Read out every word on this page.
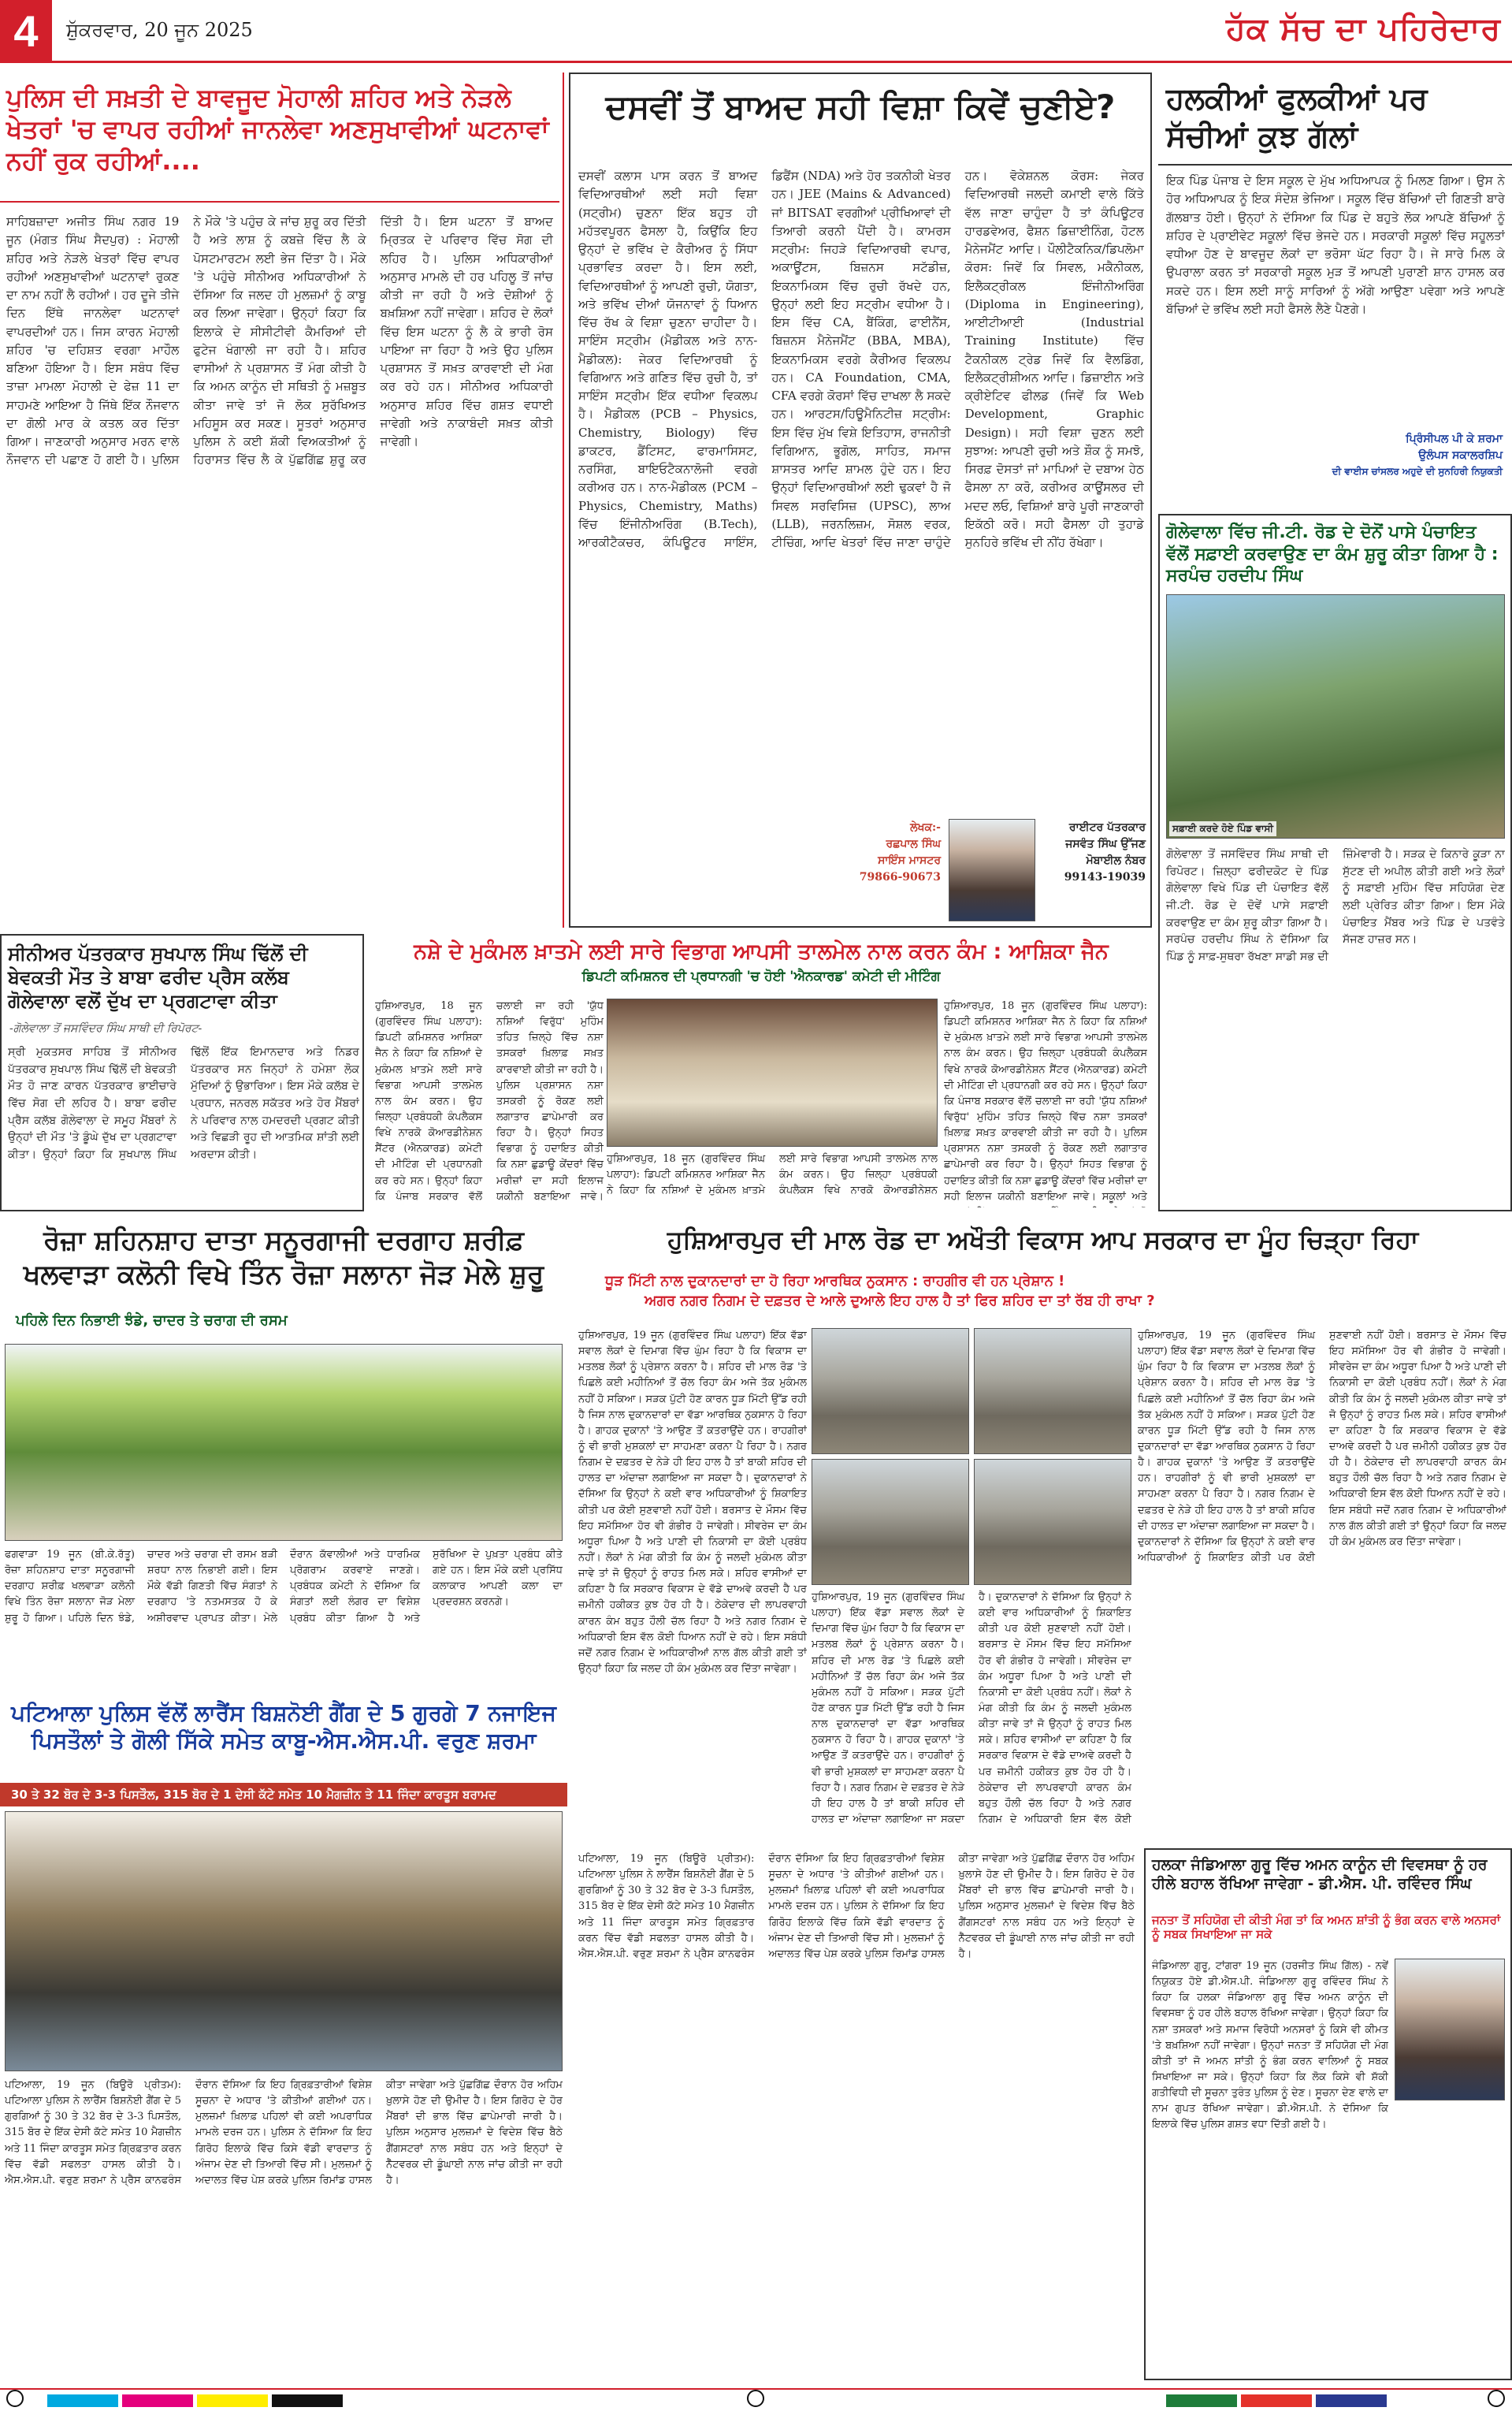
4	ਸ਼ੁੱਕਰਵਾਰ, 20 ਜੂਨ 2025	ਹੱਕ ਸੱਚ ਦਾ ਪਹਿਰੇਦਾਰ
ਪੁਲਿਸ ਦੀ ਸਖ਼ਤੀ ਦੇ ਬਾਵਜੂਦ ਮੋਹਾਲੀ ਸ਼ਹਿਰ ਅਤੇ ਨੇੜਲੇ ਖੇਤਰਾਂ 'ਚ ਵਾਪਰ ਰਹੀਆਂ ਜਾਨਲੇਵਾ ਅਣਸੁਖਾਵੀਆਂ ਘਟਨਾਵਾਂ ਨਹੀਂ ਰੁਕ ਰਹੀਆਂ....
ਸਾਹਿਬਜ਼ਾਦਾ ਅਜੀਤ ਸਿੰਘ ਨਗਰ 19 ਜੂਨ (ਮੰਗਤ ਸਿੰਘ ਸੈਦਪੁਰ) : ਮੋਹਾਲੀ ਸ਼ਹਿਰ ਅਤੇ ਨੇੜਲੇ ਖੇਤਰਾਂ ਵਿੱਚ ਵਾਪਰ ਰਹੀਆਂ ਅਣਸੁਖਾਵੀਆਂ ਘਟਨਾਵਾਂ ਰੁਕਣ ਦਾ ਨਾਮ ਨਹੀਂ ਲੈ ਰਹੀਆਂ। ਹਰ ਦੂਜੇ ਤੀਜੇ ਦਿਨ ਇੱਥੇ ਜਾਨਲੇਵਾ ਘਟਨਾਵਾਂ ਵਾਪਰਦੀਆਂ ਹਨ। ਜਿਸ ਕਾਰਨ ਮੋਹਾਲੀ ਸ਼ਹਿਰ 'ਚ ਦਹਿਸ਼ਤ ਵਰਗਾ ਮਾਹੌਲ ਬਣਿਆ ਹੋਇਆ ਹੈ। ਇਸ ਸਬੰਧ ਵਿੱਚ ਤਾਜ਼ਾ ਮਾਮਲਾ ਮੋਹਾਲੀ ਦੇ ਫੇਜ਼ 11 ਦਾ ਸਾਹਮਣੇ ਆਇਆ ਹੈ ਜਿੱਥੇ ਇੱਕ ਨੌਜਵਾਨ ਦਾ ਗੋਲੀ ਮਾਰ ਕੇ ਕਤਲ ਕਰ ਦਿੱਤਾ ਗਿਆ। ਜਾਣਕਾਰੀ ਅਨੁਸਾਰ ਮਰਨ ਵਾਲੇ ਨੌਜਵਾਨ ਦੀ ਪਛਾਣ ਹੋ ਗਈ ਹੈ। ਪੁਲਿਸ ਨੇ ਮੌਕੇ 'ਤੇ ਪਹੁੰਚ ਕੇ ਜਾਂਚ ਸ਼ੁਰੂ ਕਰ ਦਿੱਤੀ ਹੈ ਅਤੇ ਲਾਸ਼ ਨੂੰ ਕਬਜ਼ੇ ਵਿੱਚ ਲੈ ਕੇ ਪੋਸਟਮਾਰਟਮ ਲਈ ਭੇਜ ਦਿੱਤਾ ਹੈ। ਮੌਕੇ 'ਤੇ ਪਹੁੰਚੇ ਸੀਨੀਅਰ ਅਧਿਕਾਰੀਆਂ ਨੇ ਦੱਸਿਆ ਕਿ ਜਲਦ ਹੀ ਮੁਲਜ਼ਮਾਂ ਨੂੰ ਕਾਬੂ ਕਰ ਲਿਆ ਜਾਵੇਗਾ। ਉਨ੍ਹਾਂ ਕਿਹਾ ਕਿ ਇਲਾਕੇ ਦੇ ਸੀਸੀਟੀਵੀ ਕੈਮਰਿਆਂ ਦੀ ਫੁਟੇਜ ਖੰਗਾਲੀ ਜਾ ਰਹੀ ਹੈ। ਸ਼ਹਿਰ ਵਾਸੀਆਂ ਨੇ ਪ੍ਰਸ਼ਾਸਨ ਤੋਂ ਮੰਗ ਕੀਤੀ ਹੈ ਕਿ ਅਮਨ ਕਾਨੂੰਨ ਦੀ ਸਥਿਤੀ ਨੂੰ ਮਜ਼ਬੂਤ ਕੀਤਾ ਜਾਵੇ ਤਾਂ ਜੋ ਲੋਕ ਸੁਰੱਖਿਅਤ ਮਹਿਸੂਸ ਕਰ ਸਕਣ। ਸੂਤਰਾਂ ਅਨੁਸਾਰ ਪੁਲਿਸ ਨੇ ਕਈ ਸ਼ੱਕੀ ਵਿਅਕਤੀਆਂ ਨੂੰ ਹਿਰਾਸਤ ਵਿੱਚ ਲੈ ਕੇ ਪੁੱਛਗਿੱਛ ਸ਼ੁਰੂ ਕਰ ਦਿੱਤੀ ਹੈ। ਇਸ ਘਟਨਾ ਤੋਂ ਬਾਅਦ ਮ੍ਰਿਤਕ ਦੇ ਪਰਿਵਾਰ ਵਿੱਚ ਸੋਗ ਦੀ ਲਹਿਰ ਹੈ। ਪੁਲਿਸ ਅਧਿਕਾਰੀਆਂ ਅਨੁਸਾਰ ਮਾਮਲੇ ਦੀ ਹਰ ਪਹਿਲੂ ਤੋਂ ਜਾਂਚ ਕੀਤੀ ਜਾ ਰਹੀ ਹੈ ਅਤੇ ਦੋਸ਼ੀਆਂ ਨੂੰ ਬਖ਼ਸ਼ਿਆ ਨਹੀਂ ਜਾਵੇਗਾ। ਸ਼ਹਿਰ ਦੇ ਲੋਕਾਂ ਵਿੱਚ ਇਸ ਘਟਨਾ ਨੂੰ ਲੈ ਕੇ ਭਾਰੀ ਰੋਸ ਪਾਇਆ ਜਾ ਰਿਹਾ ਹੈ ਅਤੇ ਉਹ ਪੁਲਿਸ ਪ੍ਰਸ਼ਾਸਨ ਤੋਂ ਸਖ਼ਤ ਕਾਰਵਾਈ ਦੀ ਮੰਗ ਕਰ ਰਹੇ ਹਨ। ਸੀਨੀਅਰ ਅਧਿਕਾਰੀ ਅਨੁਸਾਰ ਸ਼ਹਿਰ ਵਿੱਚ ਗਸ਼ਤ ਵਧਾਈ ਜਾਵੇਗੀ ਅਤੇ ਨਾਕਾਬੰਦੀ ਸਖ਼ਤ ਕੀਤੀ ਜਾਵੇਗੀ।
ਦਸਵੀਂ ਤੋਂ ਬਾਅਦ ਸਹੀ ਵਿਸ਼ਾ ਕਿਵੇਂ ਚੁਣੀਏ?
ਦਸਵੀਂ ਕਲਾਸ ਪਾਸ ਕਰਨ ਤੋਂ ਬਾਅਦ ਵਿਦਿਆਰਥੀਆਂ ਲਈ ਸਹੀ ਵਿਸ਼ਾ (ਸਟ੍ਰੀਮ) ਚੁਣਨਾ ਇੱਕ ਬਹੁਤ ਹੀ ਮਹੱਤਵਪੂਰਨ ਫੈਸਲਾ ਹੈ, ਕਿਉਂਕਿ ਇਹ ਉਨ੍ਹਾਂ ਦੇ ਭਵਿੱਖ ਦੇ ਕੈਰੀਅਰ ਨੂੰ ਸਿੱਧਾ ਪ੍ਰਭਾਵਿਤ ਕਰਦਾ ਹੈ। ਇਸ ਲਈ, ਵਿਦਿਆਰਥੀਆਂ ਨੂੰ ਆਪਣੀ ਰੁਚੀ, ਯੋਗਤਾ, ਅਤੇ ਭਵਿੱਖ ਦੀਆਂ ਯੋਜਨਾਵਾਂ ਨੂੰ ਧਿਆਨ ਵਿੱਚ ਰੱਖ ਕੇ ਵਿਸ਼ਾ ਚੁਣਨਾ ਚਾਹੀਦਾ ਹੈ। ਸਾਇੰਸ ਸਟ੍ਰੀਮ (ਮੈਡੀਕਲ ਅਤੇ ਨਾਨ-ਮੈਡੀਕਲ): ਜੇਕਰ ਵਿਦਿਆਰਥੀ ਨੂੰ ਵਿਗਿਆਨ ਅਤੇ ਗਣਿਤ ਵਿੱਚ ਰੁਚੀ ਹੈ, ਤਾਂ ਸਾਇੰਸ ਸਟ੍ਰੀਮ ਇੱਕ ਵਧੀਆ ਵਿਕਲਪ ਹੈ। ਮੈਡੀਕਲ (PCB – Physics, Chemistry, Biology) ਵਿੱਚ ਡਾਕਟਰ, ਡੈਂਟਿਸਟ, ਫਾਰਮਾਸਿਸਟ, ਨਰਸਿੰਗ, ਬਾਇਓਟੈਕਨਾਲੋਜੀ ਵਰਗੇ ਕਰੀਅਰ ਹਨ। ਨਾਨ-ਮੈਡੀਕਲ (PCM – Physics, Chemistry, Maths) ਵਿੱਚ ਇੰਜੀਨੀਅਰਿੰਗ (B.Tech), ਆਰਕੀਟੈਕਚਰ, ਕੰਪਿਊਟਰ ਸਾਇੰਸ, ਡਿਫੈਂਸ (NDA) ਅਤੇ ਹੋਰ ਤਕਨੀਕੀ ਖੇਤਰ ਹਨ। JEE (Mains & Advanced) ਜਾਂ BITSAT ਵਰਗੀਆਂ ਪ੍ਰੀਖਿਆਵਾਂ ਦੀ ਤਿਆਰੀ ਕਰਨੀ ਪੈਂਦੀ ਹੈ। ਕਾਮਰਸ ਸਟ੍ਰੀਮ: ਜਿਹੜੇ ਵਿਦਿਆਰਥੀ ਵਪਾਰ, ਅਕਾਊਂਟਸ, ਬਿਜ਼ਨਸ ਸਟੱਡੀਜ਼, ਇਕਨਾਮਿਕਸ ਵਿੱਚ ਰੁਚੀ ਰੱਖਦੇ ਹਨ, ਉਨ੍ਹਾਂ ਲਈ ਇਹ ਸਟ੍ਰੀਮ ਵਧੀਆ ਹੈ। ਇਸ ਵਿੱਚ CA, ਬੈਂਕਿੰਗ, ਫਾਈਨੈਂਸ, ਬਿਜ਼ਨਸ ਮੈਨੇਜਮੈਂਟ (BBA, MBA), ਇਕਨਾਮਿਕਸ ਵਰਗੇ ਕੈਰੀਅਰ ਵਿਕਲਪ ਹਨ। CA Foundation, CMA, CFA ਵਰਗੇ ਕੋਰਸਾਂ ਵਿੱਚ ਦਾਖਲਾ ਲੈ ਸਕਦੇ ਹਨ। ਆਰਟਸ/ਹਿਊਮੈਨਿਟੀਜ਼ ਸਟ੍ਰੀਮ: ਇਸ ਵਿੱਚ ਮੁੱਖ ਵਿਸ਼ੇ ਇਤਿਹਾਸ, ਰਾਜਨੀਤੀ ਵਿਗਿਆਨ, ਭੂਗੋਲ, ਸਾਹਿਤ, ਸਮਾਜ ਸ਼ਾਸਤਰ ਆਦਿ ਸ਼ਾਮਲ ਹੁੰਦੇ ਹਨ। ਇਹ ਉਨ੍ਹਾਂ ਵਿਦਿਆਰਥੀਆਂ ਲਈ ਢੁਕਵਾਂ ਹੈ ਜੋ ਸਿਵਲ ਸਰਵਿਸਿਜ਼ (UPSC), ਲਾਅ (LLB), ਜਰਨਲਿਜ਼ਮ, ਸੋਸ਼ਲ ਵਰਕ, ਟੀਚਿੰਗ, ਆਦਿ ਖੇਤਰਾਂ ਵਿੱਚ ਜਾਣਾ ਚਾਹੁੰਦੇ ਹਨ। ਵੋਕੇਸ਼ਨਲ ਕੋਰਸ: ਜੇਕਰ ਵਿਦਿਆਰਥੀ ਜਲਦੀ ਕਮਾਈ ਵਾਲੇ ਕਿੱਤੇ ਵੱਲ ਜਾਣਾ ਚਾਹੁੰਦਾ ਹੈ ਤਾਂ ਕੰਪਿਊਟਰ ਹਾਰਡਵੇਅਰ, ਫੈਸ਼ਨ ਡਿਜ਼ਾਈਨਿੰਗ, ਹੋਟਲ ਮੈਨੇਜਮੈਂਟ ਆਦਿ। ਪੌਲੀਟੈਕਨਿਕ/ਡਿਪਲੋਮਾ ਕੋਰਸ: ਜਿਵੇਂ ਕਿ ਸਿਵਲ, ਮਕੈਨੀਕਲ, ਇਲੈਕਟ੍ਰੀਕਲ ਇੰਜੀਨੀਅਰਿੰਗ (Diploma in Engineering), ਆਈਟੀਆਈ (Industrial Training Institute) ਵਿੱਚ ਟੈਕਨੀਕਲ ਟ੍ਰੇਡ ਜਿਵੇਂ ਕਿ ਵੈਲਡਿੰਗ, ਇਲੈਕਟ੍ਰੀਸ਼ੀਅਨ ਆਦਿ। ਡਿਜ਼ਾਈਨ ਅਤੇ ਕ੍ਰੀਏਟਿਵ ਫੀਲਡ (ਜਿਵੇਂ ਕਿ Web Development, Graphic Design)। ਸਹੀ ਵਿਸ਼ਾ ਚੁਣਨ ਲਈ ਸੁਝਾਅ: ਆਪਣੀ ਰੁਚੀ ਅਤੇ ਸ਼ੌਕ ਨੂੰ ਸਮਝੋ, ਸਿਰਫ਼ ਦੋਸਤਾਂ ਜਾਂ ਮਾਪਿਆਂ ਦੇ ਦਬਾਅ ਹੇਠ ਫੈਸਲਾ ਨਾ ਕਰੋ, ਕਰੀਅਰ ਕਾਊਂਸਲਰ ਦੀ ਮਦਦ ਲਓ, ਵਿਸ਼ਿਆਂ ਬਾਰੇ ਪੂਰੀ ਜਾਣਕਾਰੀ ਇਕੱਠੀ ਕਰੋ। ਸਹੀ ਫੈਸਲਾ ਹੀ ਤੁਹਾਡੇ ਸੁਨਹਿਰੇ ਭਵਿੱਖ ਦੀ ਨੀਂਹ ਰੱਖੇਗਾ।
ਲੇਖਕ:-
ਰਛਪਾਲ ਸਿੰਘ
ਸਾਇੰਸ ਮਾਸਟਰ
79866-90673
ਰਾਈਟਰ ਪੱਤਰਕਾਰ
ਜਸਵੰਤ ਸਿੰਘ ਉੱਜਣ
ਮੋਬਾਈਲ ਨੰਬਰ 99143-19039
ਹਲਕੀਆਂ ਫੁਲਕੀਆਂ ਪਰ ਸੱਚੀਆਂ ਕੁਝ ਗੱਲਾਂ
ਇਕ ਪਿੰਡ ਪੰਜਾਬ ਦੇ ਇਸ ਸਕੂਲ ਦੇ ਮੁੱਖ ਅਧਿਆਪਕ ਨੂੰ ਮਿਲਣ ਗਿਆ। ਉਸ ਨੇ ਹੋਰ ਅਧਿਆਪਕ ਨੂੰ ਇਕ ਸੰਦੇਸ਼ ਭੇਜਿਆ। ਸਕੂਲ ਵਿੱਚ ਬੱਚਿਆਂ ਦੀ ਗਿਣਤੀ ਬਾਰੇ ਗੱਲਬਾਤ ਹੋਈ। ਉਨ੍ਹਾਂ ਨੇ ਦੱਸਿਆ ਕਿ ਪਿੰਡ ਦੇ ਬਹੁਤੇ ਲੋਕ ਆਪਣੇ ਬੱਚਿਆਂ ਨੂੰ ਸ਼ਹਿਰ ਦੇ ਪ੍ਰਾਈਵੇਟ ਸਕੂਲਾਂ ਵਿੱਚ ਭੇਜਦੇ ਹਨ। ਸਰਕਾਰੀ ਸਕੂਲਾਂ ਵਿੱਚ ਸਹੂਲਤਾਂ ਵਧੀਆ ਹੋਣ ਦੇ ਬਾਵਜੂਦ ਲੋਕਾਂ ਦਾ ਭਰੋਸਾ ਘੱਟ ਰਿਹਾ ਹੈ। ਜੇ ਸਾਰੇ ਮਿਲ ਕੇ ਉਪਰਾਲਾ ਕਰਨ ਤਾਂ ਸਰਕਾਰੀ ਸਕੂਲ ਮੁੜ ਤੋਂ ਆਪਣੀ ਪੁਰਾਣੀ ਸ਼ਾਨ ਹਾਸਲ ਕਰ ਸਕਦੇ ਹਨ। ਇਸ ਲਈ ਸਾਨੂੰ ਸਾਰਿਆਂ ਨੂੰ ਅੱਗੇ ਆਉਣਾ ਪਵੇਗਾ ਅਤੇ ਆਪਣੇ ਬੱਚਿਆਂ ਦੇ ਭਵਿੱਖ ਲਈ ਸਹੀ ਫੈਸਲੇ ਲੈਣੇ ਪੈਣਗੇ।
ਪ੍ਰਿੰਸੀਪਲ ਪੀ ਕੇ ਸ਼ਰਮਾ
ਉਲੰਪਸ ਸਕਾਲਰਸ਼ਿਪ
ਦੀ ਵਾਈਸ ਚਾਂਸਲਰ ਅਹੁਦੇ ਦੀ ਸੁਨਹਿਰੀ ਨਿਯੁਕਤੀ
ਗੋਲੇਵਾਲਾ ਵਿੱਚ ਜੀ.ਟੀ. ਰੋਡ ਦੇ ਦੋਨੋਂ ਪਾਸੇ ਪੰਚਾਇਤ ਵੱਲੋਂ ਸਫ਼ਾਈ ਕਰਵਾਉਣ ਦਾ ਕੰਮ ਸ਼ੁਰੂ ਕੀਤਾ ਗਿਆ ਹੈ : ਸਰਪੰਚ ਹਰਦੀਪ ਸਿੰਘ
ਸਫ਼ਾਈ ਕਰਦੇ ਹੋਏ ਪਿੰਡ ਵਾਸੀ
ਗੋਲੇਵਾਲਾ ਤੋਂ ਜਸਵਿੰਦਰ ਸਿੰਘ ਸਾਥੀ ਦੀ ਰਿਪੋਰਟ। ਜ਼ਿਲ੍ਹਾ ਫਰੀਦਕੋਟ ਦੇ ਪਿੰਡ ਗੋਲੇਵਾਲਾ ਵਿਖੇ ਪਿੰਡ ਦੀ ਪੰਚਾਇਤ ਵੱਲੋਂ ਜੀ.ਟੀ. ਰੋਡ ਦੇ ਦੋਵੇਂ ਪਾਸੇ ਸਫ਼ਾਈ ਕਰਵਾਉਣ ਦਾ ਕੰਮ ਸ਼ੁਰੂ ਕੀਤਾ ਗਿਆ ਹੈ। ਸਰਪੰਚ ਹਰਦੀਪ ਸਿੰਘ ਨੇ ਦੱਸਿਆ ਕਿ ਪਿੰਡ ਨੂੰ ਸਾਫ਼-ਸੁਥਰਾ ਰੱਖਣਾ ਸਾਡੀ ਸਭ ਦੀ ਜ਼ਿੰਮੇਵਾਰੀ ਹੈ। ਸੜਕ ਦੇ ਕਿਨਾਰੇ ਕੂੜਾ ਨਾ ਸੁੱਟਣ ਦੀ ਅਪੀਲ ਕੀਤੀ ਗਈ ਅਤੇ ਲੋਕਾਂ ਨੂੰ ਸਫ਼ਾਈ ਮੁਹਿੰਮ ਵਿੱਚ ਸਹਿਯੋਗ ਦੇਣ ਲਈ ਪ੍ਰੇਰਿਤ ਕੀਤਾ ਗਿਆ। ਇਸ ਮੌਕੇ ਪੰਚਾਇਤ ਮੈਂਬਰ ਅਤੇ ਪਿੰਡ ਦੇ ਪਤਵੰਤੇ ਸੱਜਣ ਹਾਜ਼ਰ ਸਨ।
ਸੀਨੀਅਰ ਪੱਤਰਕਾਰ ਸੁਖਪਾਲ ਸਿੰਘ ਢਿੱਲੋਂ ਦੀ ਬੇਵਕਤੀ ਮੌਤ ਤੇ ਬਾਬਾ ਫਰੀਦ ਪ੍ਰੈਸ ਕਲੱਬ ਗੋਲੇਵਾਲਾ ਵਲੋਂ ਦੁੱਖ ਦਾ ਪ੍ਰਗਟਾਵਾ ਕੀਤਾ
-ਗੋਲੇਵਾਲਾ ਤੋਂ ਜਸਵਿੰਦਰ ਸਿੰਘ ਸਾਥੀ ਦੀ ਰਿਪੋਰਟ-
ਸ੍ਰੀ ਮੁਕਤਸਰ ਸਾਹਿਬ ਤੋਂ ਸੀਨੀਅਰ ਪੱਤਰਕਾਰ ਸੁਖਪਾਲ ਸਿੰਘ ਢਿੱਲੋਂ ਦੀ ਬੇਵਕਤੀ ਮੌਤ ਹੋ ਜਾਣ ਕਾਰਨ ਪੱਤਰਕਾਰ ਭਾਈਚਾਰੇ ਵਿੱਚ ਸੋਗ ਦੀ ਲਹਿਰ ਹੈ। ਬਾਬਾ ਫਰੀਦ ਪ੍ਰੈਸ ਕਲੱਬ ਗੋਲੇਵਾਲਾ ਦੇ ਸਮੂਹ ਮੈਂਬਰਾਂ ਨੇ ਉਨ੍ਹਾਂ ਦੀ ਮੌਤ 'ਤੇ ਡੂੰਘੇ ਦੁੱਖ ਦਾ ਪ੍ਰਗਟਾਵਾ ਕੀਤਾ। ਉਨ੍ਹਾਂ ਕਿਹਾ ਕਿ ਸੁਖਪਾਲ ਸਿੰਘ ਢਿੱਲੋਂ ਇੱਕ ਇਮਾਨਦਾਰ ਅਤੇ ਨਿਡਰ ਪੱਤਰਕਾਰ ਸਨ ਜਿਨ੍ਹਾਂ ਨੇ ਹਮੇਸ਼ਾ ਲੋਕ ਮੁੱਦਿਆਂ ਨੂੰ ਉਭਾਰਿਆ। ਇਸ ਮੌਕੇ ਕਲੱਬ ਦੇ ਪ੍ਰਧਾਨ, ਜਨਰਲ ਸਕੱਤਰ ਅਤੇ ਹੋਰ ਮੈਂਬਰਾਂ ਨੇ ਪਰਿਵਾਰ ਨਾਲ ਹਮਦਰਦੀ ਪ੍ਰਗਟ ਕੀਤੀ ਅਤੇ ਵਿਛੜੀ ਰੂਹ ਦੀ ਆਤਮਿਕ ਸ਼ਾਂਤੀ ਲਈ ਅਰਦਾਸ ਕੀਤੀ।
ਨਸ਼ੇ ਦੇ ਮੁਕੰਮਲ ਖ਼ਾਤਮੇ ਲਈ ਸਾਰੇ ਵਿਭਾਗ ਆਪਸੀ ਤਾਲਮੇਲ ਨਾਲ ਕਰਨ ਕੰਮ : ਆਸ਼ਿਕਾ ਜੈਨ
ਡਿਪਟੀ ਕਮਿਸ਼ਨਰ ਦੀ ਪ੍ਰਧਾਨਗੀ 'ਚ ਹੋਈ 'ਐਨਕਾਰਡ' ਕਮੇਟੀ ਦੀ ਮੀਟਿੰਗ
ਹੁਸ਼ਿਆਰਪੁਰ, 18 ਜੂਨ (ਗੁਰਵਿੰਦਰ ਸਿੰਘ ਪਲਾਹਾ): ਡਿਪਟੀ ਕਮਿਸ਼ਨਰ ਆਸ਼ਿਕਾ ਜੈਨ ਨੇ ਕਿਹਾ ਕਿ ਨਸ਼ਿਆਂ ਦੇ ਮੁਕੰਮਲ ਖ਼ਾਤਮੇ ਲਈ ਸਾਰੇ ਵਿਭਾਗ ਆਪਸੀ ਤਾਲਮੇਲ ਨਾਲ ਕੰਮ ਕਰਨ। ਉਹ ਜ਼ਿਲ੍ਹਾ ਪ੍ਰਬੰਧਕੀ ਕੰਪਲੈਕਸ ਵਿਖੇ ਨਾਰਕੋ ਕੋਆਰਡੀਨੇਸ਼ਨ ਸੈਂਟਰ (ਐਨਕਾਰਡ) ਕਮੇਟੀ ਦੀ ਮੀਟਿੰਗ ਦੀ ਪ੍ਰਧਾਨਗੀ ਕਰ ਰਹੇ ਸਨ। ਉਨ੍ਹਾਂ ਕਿਹਾ ਕਿ ਪੰਜਾਬ ਸਰਕਾਰ ਵੱਲੋਂ ਚਲਾਈ ਜਾ ਰਹੀ 'ਯੁੱਧ ਨਸ਼ਿਆਂ ਵਿਰੁੱਧ' ਮੁਹਿੰਮ ਤਹਿਤ ਜ਼ਿਲ੍ਹੇ ਵਿੱਚ ਨਸ਼ਾ ਤਸਕਰਾਂ ਖ਼ਿਲਾਫ਼ ਸਖ਼ਤ ਕਾਰਵਾਈ ਕੀਤੀ ਜਾ ਰਹੀ ਹੈ। ਪੁਲਿਸ ਪ੍ਰਸ਼ਾਸਨ ਨਸ਼ਾ ਤਸਕਰੀ ਨੂੰ ਰੋਕਣ ਲਈ ਲਗਾਤਾਰ ਛਾਪੇਮਾਰੀ ਕਰ ਰਿਹਾ ਹੈ। ਉਨ੍ਹਾਂ ਸਿਹਤ ਵਿਭਾਗ ਨੂੰ ਹਦਾਇਤ ਕੀਤੀ ਕਿ ਨਸ਼ਾ ਛੁਡਾਊ ਕੇਂਦਰਾਂ ਵਿੱਚ ਮਰੀਜ਼ਾਂ ਦਾ ਸਹੀ ਇਲਾਜ ਯਕੀਨੀ ਬਣਾਇਆ ਜਾਵੇ।
ਹੁਸ਼ਿਆਰਪੁਰ, 18 ਜੂਨ (ਗੁਰਵਿੰਦਰ ਸਿੰਘ ਪਲਾਹਾ): ਡਿਪਟੀ ਕਮਿਸ਼ਨਰ ਆਸ਼ਿਕਾ ਜੈਨ ਨੇ ਕਿਹਾ ਕਿ ਨਸ਼ਿਆਂ ਦੇ ਮੁਕੰਮਲ ਖ਼ਾਤਮੇ ਲਈ ਸਾਰੇ ਵਿਭਾਗ ਆਪਸੀ ਤਾਲਮੇਲ ਨਾਲ ਕੰਮ ਕਰਨ। ਉਹ ਜ਼ਿਲ੍ਹਾ ਪ੍ਰਬੰਧਕੀ ਕੰਪਲੈਕਸ ਵਿਖੇ ਨਾਰਕੋ ਕੋਆਰਡੀਨੇਸ਼ਨ
ਹੁਸ਼ਿਆਰਪੁਰ, 18 ਜੂਨ (ਗੁਰਵਿੰਦਰ ਸਿੰਘ ਪਲਾਹਾ): ਡਿਪਟੀ ਕਮਿਸ਼ਨਰ ਆਸ਼ਿਕਾ ਜੈਨ ਨੇ ਕਿਹਾ ਕਿ ਨਸ਼ਿਆਂ ਦੇ ਮੁਕੰਮਲ ਖ਼ਾਤਮੇ ਲਈ ਸਾਰੇ ਵਿਭਾਗ ਆਪਸੀ ਤਾਲਮੇਲ ਨਾਲ ਕੰਮ ਕਰਨ। ਉਹ ਜ਼ਿਲ੍ਹਾ ਪ੍ਰਬੰਧਕੀ ਕੰਪਲੈਕਸ ਵਿਖੇ ਨਾਰਕੋ ਕੋਆਰਡੀਨੇਸ਼ਨ ਸੈਂਟਰ (ਐਨਕਾਰਡ) ਕਮੇਟੀ ਦੀ ਮੀਟਿੰਗ ਦੀ ਪ੍ਰਧਾਨਗੀ ਕਰ ਰਹੇ ਸਨ। ਉਨ੍ਹਾਂ ਕਿਹਾ ਕਿ ਪੰਜਾਬ ਸਰਕਾਰ ਵੱਲੋਂ ਚਲਾਈ ਜਾ ਰਹੀ 'ਯੁੱਧ ਨਸ਼ਿਆਂ ਵਿਰੁੱਧ' ਮੁਹਿੰਮ ਤਹਿਤ ਜ਼ਿਲ੍ਹੇ ਵਿੱਚ ਨਸ਼ਾ ਤਸਕਰਾਂ ਖ਼ਿਲਾਫ਼ ਸਖ਼ਤ ਕਾਰਵਾਈ ਕੀਤੀ ਜਾ ਰਹੀ ਹੈ। ਪੁਲਿਸ ਪ੍ਰਸ਼ਾਸਨ ਨਸ਼ਾ ਤਸਕਰੀ ਨੂੰ ਰੋਕਣ ਲਈ ਲਗਾਤਾਰ ਛਾਪੇਮਾਰੀ ਕਰ ਰਿਹਾ ਹੈ। ਉਨ੍ਹਾਂ ਸਿਹਤ ਵਿਭਾਗ ਨੂੰ ਹਦਾਇਤ ਕੀਤੀ ਕਿ ਨਸ਼ਾ ਛੁਡਾਊ ਕੇਂਦਰਾਂ ਵਿੱਚ ਮਰੀਜ਼ਾਂ ਦਾ ਸਹੀ ਇਲਾਜ ਯਕੀਨੀ ਬਣਾਇਆ ਜਾਵੇ। ਸਕੂਲਾਂ ਅਤੇ
ਰੋਜ਼ਾ ਸ਼ਹਿਨਸ਼ਾਹ ਦਾਤਾ ਸਨੂਰਗਾਜੀ ਦਰਗਾਹ ਸ਼ਰੀਫ਼ ਖਲਵਾੜਾ ਕਲੋਨੀ ਵਿਖੇ ਤਿੰਨ ਰੋਜ਼ਾ ਸਲਾਨਾ ਜੋੜ ਮੇਲੇ ਸ਼ੁਰੂ
ਪਹਿਲੇ ਦਿਨ ਨਿਭਾਈ ਝੰਡੇ, ਚਾਦਰ ਤੇ ਚਰਾਗ ਦੀ ਰਸਮ
ਫਗਵਾੜਾ 19 ਜੂਨ (ਬੀ.ਕੇ.ਰੱਤੂ) ਰੋਜ਼ਾ ਸ਼ਹਿਨਸ਼ਾਹ ਦਾਤਾ ਸਨੂਰਗਾਜੀ ਦਰਗਾਹ ਸ਼ਰੀਫ਼ ਖਲਵਾੜਾ ਕਲੋਨੀ ਵਿਖੇ ਤਿੰਨ ਰੋਜ਼ਾ ਸਲਾਨਾ ਜੋੜ ਮੇਲਾ ਸ਼ੁਰੂ ਹੋ ਗਿਆ। ਪਹਿਲੇ ਦਿਨ ਝੰਡੇ, ਚਾਦਰ ਅਤੇ ਚਰਾਗ ਦੀ ਰਸਮ ਬੜੀ ਸ਼ਰਧਾ ਨਾਲ ਨਿਭਾਈ ਗਈ। ਇਸ ਮੌਕੇ ਵੱਡੀ ਗਿਣਤੀ ਵਿੱਚ ਸੰਗਤਾਂ ਨੇ ਦਰਗਾਹ 'ਤੇ ਨਤਮਸਤਕ ਹੋ ਕੇ ਅਸ਼ੀਰਵਾਦ ਪ੍ਰਾਪਤ ਕੀਤਾ। ਮੇਲੇ ਦੌਰਾਨ ਕੱਵਾਲੀਆਂ ਅਤੇ ਧਾਰਮਿਕ ਪ੍ਰੋਗਰਾਮ ਕਰਵਾਏ ਜਾਣਗੇ। ਪ੍ਰਬੰਧਕ ਕਮੇਟੀ ਨੇ ਦੱਸਿਆ ਕਿ ਸੰਗਤਾਂ ਲਈ ਲੰਗਰ ਦਾ ਵਿਸ਼ੇਸ਼ ਪ੍ਰਬੰਧ ਕੀਤਾ ਗਿਆ ਹੈ ਅਤੇ ਸੁਰੱਖਿਆ ਦੇ ਪੁਖ਼ਤਾ ਪ੍ਰਬੰਧ ਕੀਤੇ ਗਏ ਹਨ। ਇਸ ਮੌਕੇ ਕਈ ਪ੍ਰਸਿੱਧ ਕਲਾਕਾਰ ਆਪਣੀ ਕਲਾ ਦਾ ਪ੍ਰਦਰਸ਼ਨ ਕਰਨਗੇ।
ਹੁਸ਼ਿਆਰਪੁਰ ਦੀ ਮਾਲ ਰੋਡ ਦਾ ਅਖੌਤੀ ਵਿਕਾਸ ਆਪ ਸਰਕਾਰ ਦਾ ਮੂੰਹ ਚਿੜ੍ਹਾ ਰਿਹਾ
ਧੂੜ ਮਿੱਟੀ ਨਾਲ ਦੁਕਾਨਦਾਰਾਂ ਦਾ ਹੋ ਰਿਹਾ ਆਰਥਿਕ ਨੁਕਸਾਨ : ਰਾਹਗੀਰ ਵੀ ਹਨ ਪ੍ਰੇਸ਼ਾਨ !
ਅਗਰ ਨਗਰ ਨਿਗਮ ਦੇ ਦਫ਼ਤਰ ਦੇ ਆਲੇ ਦੁਆਲੇ ਇਹ ਹਾਲ ਹੈ ਤਾਂ ਫਿਰ ਸ਼ਹਿਰ ਦਾ ਤਾਂ ਰੱਬ ਹੀ ਰਾਖਾ ?
ਹੁਸ਼ਿਆਰਪੁਰ, 19 ਜੂਨ (ਗੁਰਵਿੰਦਰ ਸਿੰਘ ਪਲਾਹਾ) ਇੱਕ ਵੱਡਾ ਸਵਾਲ ਲੋਕਾਂ ਦੇ ਦਿਮਾਗ ਵਿੱਚ ਘੁੰਮ ਰਿਹਾ ਹੈ ਕਿ ਵਿਕਾਸ ਦਾ ਮਤਲਬ ਲੋਕਾਂ ਨੂੰ ਪ੍ਰੇਸ਼ਾਨ ਕਰਨਾ ਹੈ। ਸ਼ਹਿਰ ਦੀ ਮਾਲ ਰੋਡ 'ਤੇ ਪਿਛਲੇ ਕਈ ਮਹੀਨਿਆਂ ਤੋਂ ਚੱਲ ਰਿਹਾ ਕੰਮ ਅਜੇ ਤੱਕ ਮੁਕੰਮਲ ਨਹੀਂ ਹੋ ਸਕਿਆ। ਸੜਕ ਪੁੱਟੀ ਹੋਣ ਕਾਰਨ ਧੂੜ ਮਿੱਟੀ ਉੱਡ ਰਹੀ ਹੈ ਜਿਸ ਨਾਲ ਦੁਕਾਨਦਾਰਾਂ ਦਾ ਵੱਡਾ ਆਰਥਿਕ ਨੁਕਸਾਨ ਹੋ ਰਿਹਾ ਹੈ। ਗਾਹਕ ਦੁਕਾਨਾਂ 'ਤੇ ਆਉਣ ਤੋਂ ਕਤਰਾਉਂਦੇ ਹਨ। ਰਾਹਗੀਰਾਂ ਨੂੰ ਵੀ ਭਾਰੀ ਮੁਸ਼ਕਲਾਂ ਦਾ ਸਾਹਮਣਾ ਕਰਨਾ ਪੈ ਰਿਹਾ ਹੈ। ਨਗਰ ਨਿਗਮ ਦੇ ਦਫ਼ਤਰ ਦੇ ਨੇੜੇ ਹੀ ਇਹ ਹਾਲ ਹੈ ਤਾਂ ਬਾਕੀ ਸ਼ਹਿਰ ਦੀ ਹਾਲਤ ਦਾ ਅੰਦਾਜ਼ਾ ਲਗਾਇਆ ਜਾ ਸਕਦਾ ਹੈ। ਦੁਕਾਨਦਾਰਾਂ ਨੇ ਦੱਸਿਆ ਕਿ ਉਨ੍ਹਾਂ ਨੇ ਕਈ ਵਾਰ ਅਧਿਕਾਰੀਆਂ ਨੂੰ ਸ਼ਿਕਾਇਤ ਕੀਤੀ ਪਰ ਕੋਈ ਸੁਣਵਾਈ ਨਹੀਂ ਹੋਈ। ਬਰਸਾਤ ਦੇ ਮੌਸਮ ਵਿੱਚ ਇਹ ਸਮੱਸਿਆ ਹੋਰ ਵੀ ਗੰਭੀਰ ਹੋ ਜਾਵੇਗੀ। ਸੀਵਰੇਜ ਦਾ ਕੰਮ ਅਧੂਰਾ ਪਿਆ ਹੈ ਅਤੇ ਪਾਣੀ ਦੀ ਨਿਕਾਸੀ ਦਾ ਕੋਈ ਪ੍ਰਬੰਧ ਨਹੀਂ। ਲੋਕਾਂ ਨੇ ਮੰਗ ਕੀਤੀ ਕਿ ਕੰਮ ਨੂੰ ਜਲਦੀ ਮੁਕੰਮਲ ਕੀਤਾ ਜਾਵੇ ਤਾਂ ਜੋ ਉਨ੍ਹਾਂ ਨੂੰ ਰਾਹਤ ਮਿਲ ਸਕੇ। ਸ਼ਹਿਰ ਵਾਸੀਆਂ ਦਾ ਕਹਿਣਾ ਹੈ ਕਿ ਸਰਕਾਰ ਵਿਕਾਸ ਦੇ ਵੱਡੇ ਦਾਅਵੇ ਕਰਦੀ ਹੈ ਪਰ ਜ਼ਮੀਨੀ ਹਕੀਕਤ ਕੁਝ ਹੋਰ ਹੀ ਹੈ। ਠੇਕੇਦਾਰ ਦੀ ਲਾਪਰਵਾਹੀ ਕਾਰਨ ਕੰਮ ਬਹੁਤ ਹੌਲੀ ਚੱਲ ਰਿਹਾ ਹੈ ਅਤੇ ਨਗਰ ਨਿਗਮ ਦੇ ਅਧਿਕਾਰੀ ਇਸ ਵੱਲ ਕੋਈ ਧਿਆਨ ਨਹੀਂ ਦੇ ਰਹੇ। ਇਸ ਸਬੰਧੀ ਜਦੋਂ ਨਗਰ ਨਿਗਮ ਦੇ ਅਧਿਕਾਰੀਆਂ ਨਾਲ ਗੱਲ ਕੀਤੀ ਗਈ ਤਾਂ ਉਨ੍ਹਾਂ ਕਿਹਾ ਕਿ ਜਲਦ ਹੀ ਕੰਮ ਮੁਕੰਮਲ ਕਰ ਦਿੱਤਾ ਜਾਵੇਗਾ।
ਹੁਸ਼ਿਆਰਪੁਰ, 19 ਜੂਨ (ਗੁਰਵਿੰਦਰ ਸਿੰਘ ਪਲਾਹਾ) ਇੱਕ ਵੱਡਾ ਸਵਾਲ ਲੋਕਾਂ ਦੇ ਦਿਮਾਗ ਵਿੱਚ ਘੁੰਮ ਰਿਹਾ ਹੈ ਕਿ ਵਿਕਾਸ ਦਾ ਮਤਲਬ ਲੋਕਾਂ ਨੂੰ ਪ੍ਰੇਸ਼ਾਨ ਕਰਨਾ ਹੈ। ਸ਼ਹਿਰ ਦੀ ਮਾਲ ਰੋਡ 'ਤੇ ਪਿਛਲੇ ਕਈ ਮਹੀਨਿਆਂ ਤੋਂ ਚੱਲ ਰਿਹਾ ਕੰਮ ਅਜੇ ਤੱਕ ਮੁਕੰਮਲ ਨਹੀਂ ਹੋ ਸਕਿਆ। ਸੜਕ ਪੁੱਟੀ ਹੋਣ ਕਾਰਨ ਧੂੜ ਮਿੱਟੀ ਉੱਡ ਰਹੀ ਹੈ ਜਿਸ ਨਾਲ ਦੁਕਾਨਦਾਰਾਂ ਦਾ ਵੱਡਾ ਆਰਥਿਕ ਨੁਕਸਾਨ ਹੋ ਰਿਹਾ ਹੈ। ਗਾਹਕ ਦੁਕਾਨਾਂ 'ਤੇ ਆਉਣ ਤੋਂ ਕਤਰਾਉਂਦੇ ਹਨ। ਰਾਹਗੀਰਾਂ ਨੂੰ ਵੀ ਭਾਰੀ ਮੁਸ਼ਕਲਾਂ ਦਾ ਸਾਹਮਣਾ ਕਰਨਾ ਪੈ ਰਿਹਾ ਹੈ। ਨਗਰ ਨਿਗਮ ਦੇ ਦਫ਼ਤਰ ਦੇ ਨੇੜੇ ਹੀ ਇਹ ਹਾਲ ਹੈ ਤਾਂ ਬਾਕੀ ਸ਼ਹਿਰ ਦੀ ਹਾਲਤ ਦਾ ਅੰਦਾਜ਼ਾ ਲਗਾਇਆ ਜਾ ਸਕਦਾ ਹੈ। ਦੁਕਾਨਦਾਰਾਂ ਨੇ ਦੱਸਿਆ ਕਿ ਉਨ੍ਹਾਂ ਨੇ ਕਈ ਵਾਰ ਅਧਿਕਾਰੀਆਂ ਨੂੰ ਸ਼ਿਕਾਇਤ ਕੀਤੀ ਪਰ ਕੋਈ ਸੁਣਵਾਈ ਨਹੀਂ ਹੋਈ। ਬਰਸਾਤ ਦੇ ਮੌਸਮ ਵਿੱਚ ਇਹ ਸਮੱਸਿਆ ਹੋਰ ਵੀ ਗੰਭੀਰ ਹੋ ਜਾਵੇਗੀ। ਸੀਵਰੇਜ ਦਾ ਕੰਮ ਅਧੂਰਾ ਪਿਆ ਹੈ ਅਤੇ ਪਾਣੀ ਦੀ ਨਿਕਾਸੀ ਦਾ ਕੋਈ ਪ੍ਰਬੰਧ ਨਹੀਂ। ਲੋਕਾਂ ਨੇ ਮੰਗ ਕੀਤੀ ਕਿ ਕੰਮ ਨੂੰ ਜਲਦੀ ਮੁਕੰਮਲ ਕੀਤਾ ਜਾਵੇ ਤਾਂ ਜੋ ਉਨ੍ਹਾਂ ਨੂੰ ਰਾਹਤ ਮਿਲ ਸਕੇ। ਸ਼ਹਿਰ ਵਾਸੀਆਂ ਦਾ ਕਹਿਣਾ ਹੈ ਕਿ ਸਰਕਾਰ ਵਿਕਾਸ ਦੇ ਵੱਡੇ ਦਾਅਵੇ ਕਰਦੀ ਹੈ ਪਰ ਜ਼ਮੀਨੀ ਹਕੀਕਤ ਕੁਝ ਹੋਰ ਹੀ ਹੈ। ਠੇਕੇਦਾਰ ਦੀ ਲਾਪਰਵਾਹੀ ਕਾਰਨ ਕੰਮ ਬਹੁਤ ਹੌਲੀ ਚੱਲ ਰਿਹਾ ਹੈ ਅਤੇ ਨਗਰ ਨਿਗਮ ਦੇ ਅਧਿਕਾਰੀ ਇਸ ਵੱਲ ਕੋਈ
ਹੁਸ਼ਿਆਰਪੁਰ, 19 ਜੂਨ (ਗੁਰਵਿੰਦਰ ਸਿੰਘ ਪਲਾਹਾ) ਇੱਕ ਵੱਡਾ ਸਵਾਲ ਲੋਕਾਂ ਦੇ ਦਿਮਾਗ ਵਿੱਚ ਘੁੰਮ ਰਿਹਾ ਹੈ ਕਿ ਵਿਕਾਸ ਦਾ ਮਤਲਬ ਲੋਕਾਂ ਨੂੰ ਪ੍ਰੇਸ਼ਾਨ ਕਰਨਾ ਹੈ। ਸ਼ਹਿਰ ਦੀ ਮਾਲ ਰੋਡ 'ਤੇ ਪਿਛਲੇ ਕਈ ਮਹੀਨਿਆਂ ਤੋਂ ਚੱਲ ਰਿਹਾ ਕੰਮ ਅਜੇ ਤੱਕ ਮੁਕੰਮਲ ਨਹੀਂ ਹੋ ਸਕਿਆ। ਸੜਕ ਪੁੱਟੀ ਹੋਣ ਕਾਰਨ ਧੂੜ ਮਿੱਟੀ ਉੱਡ ਰਹੀ ਹੈ ਜਿਸ ਨਾਲ ਦੁਕਾਨਦਾਰਾਂ ਦਾ ਵੱਡਾ ਆਰਥਿਕ ਨੁਕਸਾਨ ਹੋ ਰਿਹਾ ਹੈ। ਗਾਹਕ ਦੁਕਾਨਾਂ 'ਤੇ ਆਉਣ ਤੋਂ ਕਤਰਾਉਂਦੇ ਹਨ। ਰਾਹਗੀਰਾਂ ਨੂੰ ਵੀ ਭਾਰੀ ਮੁਸ਼ਕਲਾਂ ਦਾ ਸਾਹਮਣਾ ਕਰਨਾ ਪੈ ਰਿਹਾ ਹੈ। ਨਗਰ ਨਿਗਮ ਦੇ ਦਫ਼ਤਰ ਦੇ ਨੇੜੇ ਹੀ ਇਹ ਹਾਲ ਹੈ ਤਾਂ ਬਾਕੀ ਸ਼ਹਿਰ ਦੀ ਹਾਲਤ ਦਾ ਅੰਦਾਜ਼ਾ ਲਗਾਇਆ ਜਾ ਸਕਦਾ ਹੈ। ਦੁਕਾਨਦਾਰਾਂ ਨੇ ਦੱਸਿਆ ਕਿ ਉਨ੍ਹਾਂ ਨੇ ਕਈ ਵਾਰ ਅਧਿਕਾਰੀਆਂ ਨੂੰ ਸ਼ਿਕਾਇਤ ਕੀਤੀ ਪਰ ਕੋਈ ਸੁਣਵਾਈ ਨਹੀਂ ਹੋਈ। ਬਰਸਾਤ ਦੇ ਮੌਸਮ ਵਿੱਚ ਇਹ ਸਮੱਸਿਆ ਹੋਰ ਵੀ ਗੰਭੀਰ ਹੋ ਜਾਵੇਗੀ। ਸੀਵਰੇਜ ਦਾ ਕੰਮ ਅਧੂਰਾ ਪਿਆ ਹੈ ਅਤੇ ਪਾਣੀ ਦੀ ਨਿਕਾਸੀ ਦਾ ਕੋਈ ਪ੍ਰਬੰਧ ਨਹੀਂ। ਲੋਕਾਂ ਨੇ ਮੰਗ ਕੀਤੀ ਕਿ ਕੰਮ ਨੂੰ ਜਲਦੀ ਮੁਕੰਮਲ ਕੀਤਾ ਜਾਵੇ ਤਾਂ ਜੋ ਉਨ੍ਹਾਂ ਨੂੰ ਰਾਹਤ ਮਿਲ ਸਕੇ। ਸ਼ਹਿਰ ਵਾਸੀਆਂ ਦਾ ਕਹਿਣਾ ਹੈ ਕਿ ਸਰਕਾਰ ਵਿਕਾਸ ਦੇ ਵੱਡੇ ਦਾਅਵੇ ਕਰਦੀ ਹੈ ਪਰ ਜ਼ਮੀਨੀ ਹਕੀਕਤ ਕੁਝ ਹੋਰ ਹੀ ਹੈ। ਠੇਕੇਦਾਰ ਦੀ ਲਾਪਰਵਾਹੀ ਕਾਰਨ ਕੰਮ ਬਹੁਤ ਹੌਲੀ ਚੱਲ ਰਿਹਾ ਹੈ ਅਤੇ ਨਗਰ ਨਿਗਮ ਦੇ ਅਧਿਕਾਰੀ ਇਸ ਵੱਲ ਕੋਈ ਧਿਆਨ ਨਹੀਂ ਦੇ ਰਹੇ। ਇਸ ਸਬੰਧੀ ਜਦੋਂ ਨਗਰ ਨਿਗਮ ਦੇ ਅਧਿਕਾਰੀਆਂ ਨਾਲ ਗੱਲ ਕੀਤੀ ਗਈ ਤਾਂ ਉਨ੍ਹਾਂ ਕਿਹਾ ਕਿ ਜਲਦ ਹੀ ਕੰਮ ਮੁਕੰਮਲ ਕਰ ਦਿੱਤਾ ਜਾਵੇਗਾ।
ਪਟਿਆਲਾ ਪੁਲਿਸ ਵੱਲੋਂ ਲਾਰੈਂਸ ਬਿਸ਼ਨੋਈ ਗੈਂਗ ਦੇ 5 ਗੁਰਗੇ 7 ਨਜਾਇਜ ਪਿਸਤੌਲਾਂ ਤੇ ਗੋਲੀ ਸਿੱਕੇ ਸਮੇਤ ਕਾਬੂ-ਐਸ.ਐਸ.ਪੀ. ਵਰੁਣ ਸ਼ਰਮਾ
30 ਤੇ 32 ਬੋਰ ਦੇ 3-3 ਪਿਸਤੌਲ, 315 ਬੋਰ ਦੇ 1 ਦੇਸੀ ਕੱਟੇ ਸਮੇਤ 10 ਮੈਗਜ਼ੀਨ ਤੇ 11 ਜਿੰਦਾ ਕਾਰਤੂਸ ਬਰਾਮਦ
ਪਟਿਆਲਾ, 19 ਜੂਨ (ਬਿਊਰੋ ਪ੍ਰੀਤਮ): ਪਟਿਆਲਾ ਪੁਲਿਸ ਨੇ ਲਾਰੈਂਸ ਬਿਸ਼ਨੋਈ ਗੈਂਗ ਦੇ 5 ਗੁਰਗਿਆਂ ਨੂੰ 30 ਤੇ 32 ਬੋਰ ਦੇ 3-3 ਪਿਸਤੌਲ, 315 ਬੋਰ ਦੇ ਇੱਕ ਦੇਸੀ ਕੱਟੇ ਸਮੇਤ 10 ਮੈਗਜ਼ੀਨ ਅਤੇ 11 ਜਿੰਦਾ ਕਾਰਤੂਸ ਸਮੇਤ ਗ੍ਰਿਫ਼ਤਾਰ ਕਰਨ ਵਿੱਚ ਵੱਡੀ ਸਫਲਤਾ ਹਾਸਲ ਕੀਤੀ ਹੈ। ਐਸ.ਐਸ.ਪੀ. ਵਰੁਣ ਸ਼ਰਮਾ ਨੇ ਪ੍ਰੈਸ ਕਾਨਫਰੰਸ ਦੌਰਾਨ ਦੱਸਿਆ ਕਿ ਇਹ ਗ੍ਰਿਫ਼ਤਾਰੀਆਂ ਵਿਸ਼ੇਸ਼ ਸੂਚਨਾ ਦੇ ਅਧਾਰ 'ਤੇ ਕੀਤੀਆਂ ਗਈਆਂ ਹਨ। ਮੁਲਜ਼ਮਾਂ ਖ਼ਿਲਾਫ਼ ਪਹਿਲਾਂ ਵੀ ਕਈ ਅਪਰਾਧਿਕ ਮਾਮਲੇ ਦਰਜ ਹਨ। ਪੁਲਿਸ ਨੇ ਦੱਸਿਆ ਕਿ ਇਹ ਗਿਰੋਹ ਇਲਾਕੇ ਵਿੱਚ ਕਿਸੇ ਵੱਡੀ ਵਾਰਦਾਤ ਨੂੰ ਅੰਜਾਮ ਦੇਣ ਦੀ ਤਿਆਰੀ ਵਿੱਚ ਸੀ। ਮੁਲਜ਼ਮਾਂ ਨੂੰ ਅਦਾਲਤ ਵਿੱਚ ਪੇਸ਼ ਕਰਕੇ ਪੁਲਿਸ ਰਿਮਾਂਡ ਹਾਸਲ ਕੀਤਾ ਜਾਵੇਗਾ ਅਤੇ ਪੁੱਛਗਿੱਛ ਦੌਰਾਨ ਹੋਰ ਅਹਿਮ ਖ਼ੁਲਾਸੇ ਹੋਣ ਦੀ ਉਮੀਦ ਹੈ। ਇਸ ਗਿਰੋਹ ਦੇ ਹੋਰ ਮੈਂਬਰਾਂ ਦੀ ਭਾਲ ਵਿੱਚ ਛਾਪੇਮਾਰੀ ਜਾਰੀ ਹੈ। ਪੁਲਿਸ ਅਨੁਸਾਰ ਮੁਲਜ਼ਮਾਂ ਦੇ ਵਿਦੇਸ਼ ਵਿੱਚ ਬੈਠੇ ਗੈਂਗਸਟਰਾਂ ਨਾਲ ਸਬੰਧ ਹਨ ਅਤੇ ਇਨ੍ਹਾਂ ਦੇ ਨੈੱਟਵਰਕ ਦੀ ਡੂੰਘਾਈ ਨਾਲ ਜਾਂਚ ਕੀਤੀ ਜਾ ਰਹੀ ਹੈ।
ਪਟਿਆਲਾ, 19 ਜੂਨ (ਬਿਊਰੋ ਪ੍ਰੀਤਮ): ਪਟਿਆਲਾ ਪੁਲਿਸ ਨੇ ਲਾਰੈਂਸ ਬਿਸ਼ਨੋਈ ਗੈਂਗ ਦੇ 5 ਗੁਰਗਿਆਂ ਨੂੰ 30 ਤੇ 32 ਬੋਰ ਦੇ 3-3 ਪਿਸਤੌਲ, 315 ਬੋਰ ਦੇ ਇੱਕ ਦੇਸੀ ਕੱਟੇ ਸਮੇਤ 10 ਮੈਗਜ਼ੀਨ ਅਤੇ 11 ਜਿੰਦਾ ਕਾਰਤੂਸ ਸਮੇਤ ਗ੍ਰਿਫ਼ਤਾਰ ਕਰਨ ਵਿੱਚ ਵੱਡੀ ਸਫਲਤਾ ਹਾਸਲ ਕੀਤੀ ਹੈ। ਐਸ.ਐਸ.ਪੀ. ਵਰੁਣ ਸ਼ਰਮਾ ਨੇ ਪ੍ਰੈਸ ਕਾਨਫਰੰਸ ਦੌਰਾਨ ਦੱਸਿਆ ਕਿ ਇਹ ਗ੍ਰਿਫ਼ਤਾਰੀਆਂ ਵਿਸ਼ੇਸ਼ ਸੂਚਨਾ ਦੇ ਅਧਾਰ 'ਤੇ ਕੀਤੀਆਂ ਗਈਆਂ ਹਨ। ਮੁਲਜ਼ਮਾਂ ਖ਼ਿਲਾਫ਼ ਪਹਿਲਾਂ ਵੀ ਕਈ ਅਪਰਾਧਿਕ ਮਾਮਲੇ ਦਰਜ ਹਨ। ਪੁਲਿਸ ਨੇ ਦੱਸਿਆ ਕਿ ਇਹ ਗਿਰੋਹ ਇਲਾਕੇ ਵਿੱਚ ਕਿਸੇ ਵੱਡੀ ਵਾਰਦਾਤ ਨੂੰ ਅੰਜਾਮ ਦੇਣ ਦੀ ਤਿਆਰੀ ਵਿੱਚ ਸੀ। ਮੁਲਜ਼ਮਾਂ ਨੂੰ ਅਦਾਲਤ ਵਿੱਚ ਪੇਸ਼ ਕਰਕੇ ਪੁਲਿਸ ਰਿਮਾਂਡ ਹਾਸਲ ਕੀਤਾ ਜਾਵੇਗਾ ਅਤੇ ਪੁੱਛਗਿੱਛ ਦੌਰਾਨ ਹੋਰ ਅਹਿਮ ਖ਼ੁਲਾਸੇ ਹੋਣ ਦੀ ਉਮੀਦ ਹੈ। ਇਸ ਗਿਰੋਹ ਦੇ ਹੋਰ ਮੈਂਬਰਾਂ ਦੀ ਭਾਲ ਵਿੱਚ ਛਾਪੇਮਾਰੀ ਜਾਰੀ ਹੈ। ਪੁਲਿਸ ਅਨੁਸਾਰ ਮੁਲਜ਼ਮਾਂ ਦੇ ਵਿਦੇਸ਼ ਵਿੱਚ ਬੈਠੇ ਗੈਂਗਸਟਰਾਂ ਨਾਲ ਸਬੰਧ ਹਨ ਅਤੇ ਇਨ੍ਹਾਂ ਦੇ ਨੈੱਟਵਰਕ ਦੀ ਡੂੰਘਾਈ ਨਾਲ ਜਾਂਚ ਕੀਤੀ ਜਾ ਰਹੀ ਹੈ।
ਹਲਕਾ ਜੰਡਿਆਲਾ ਗੁਰੂ ਵਿੱਚ ਅਮਨ ਕਾਨੂੰਨ ਦੀ ਵਿਵਸਥਾ ਨੂੰ ਹਰ ਹੀਲੇ ਬਹਾਲ ਰੱਖਿਆ ਜਾਵੇਗਾ - ਡੀ.ਐਸ. ਪੀ. ਰਵਿੰਦਰ ਸਿੰਘ
ਜਨਤਾ ਤੋਂ ਸਹਿਯੋਗ ਦੀ ਕੀਤੀ ਮੰਗ ਤਾਂ ਕਿ ਅਮਨ ਸ਼ਾਂਤੀ ਨੂੰ ਭੰਗ ਕਰਨ ਵਾਲੇ ਅਨਸਰਾਂ ਨੂੰ ਸਬਕ ਸਿਖਾਇਆ ਜਾ ਸਕੇ
ਜੰਡਿਆਲਾ ਗੁਰੂ, ਟਾਂਗਰਾ 19 ਜੂਨ (ਹਰਜੀਤ ਸਿੰਘ ਗਿੱਲ) - ਨਵੇਂ ਨਿਯੁਕਤ ਹੋਏ ਡੀ.ਐਸ.ਪੀ. ਜੰਡਿਆਲਾ ਗੁਰੂ ਰਵਿੰਦਰ ਸਿੰਘ ਨੇ ਕਿਹਾ ਕਿ ਹਲਕਾ ਜੰਡਿਆਲਾ ਗੁਰੂ ਵਿੱਚ ਅਮਨ ਕਾਨੂੰਨ ਦੀ ਵਿਵਸਥਾ ਨੂੰ ਹਰ ਹੀਲੇ ਬਹਾਲ ਰੱਖਿਆ ਜਾਵੇਗਾ। ਉਨ੍ਹਾਂ ਕਿਹਾ ਕਿ ਨਸ਼ਾ ਤਸਕਰਾਂ ਅਤੇ ਸਮਾਜ ਵਿਰੋਧੀ ਅਨਸਰਾਂ ਨੂੰ ਕਿਸੇ ਵੀ ਕੀਮਤ 'ਤੇ ਬਖ਼ਸ਼ਿਆ ਨਹੀਂ ਜਾਵੇਗਾ। ਉਨ੍ਹਾਂ ਜਨਤਾ ਤੋਂ ਸਹਿਯੋਗ ਦੀ ਮੰਗ ਕੀਤੀ ਤਾਂ ਜੋ ਅਮਨ ਸ਼ਾਂਤੀ ਨੂੰ ਭੰਗ ਕਰਨ ਵਾਲਿਆਂ ਨੂੰ ਸਬਕ ਸਿਖਾਇਆ ਜਾ ਸਕੇ। ਉਨ੍ਹਾਂ ਕਿਹਾ ਕਿ ਲੋਕ ਕਿਸੇ ਵੀ ਸ਼ੱਕੀ ਗਤੀਵਿਧੀ ਦੀ ਸੂਚਨਾ ਤੁਰੰਤ ਪੁਲਿਸ ਨੂੰ ਦੇਣ। ਸੂਚਨਾ ਦੇਣ ਵਾਲੇ ਦਾ ਨਾਮ ਗੁਪਤ ਰੱਖਿਆ ਜਾਵੇਗਾ। ਡੀ.ਐਸ.ਪੀ. ਨੇ ਦੱਸਿਆ ਕਿ ਇਲਾਕੇ ਵਿੱਚ ਪੁਲਿਸ ਗਸ਼ਤ ਵਧਾ ਦਿੱਤੀ ਗਈ ਹੈ।
